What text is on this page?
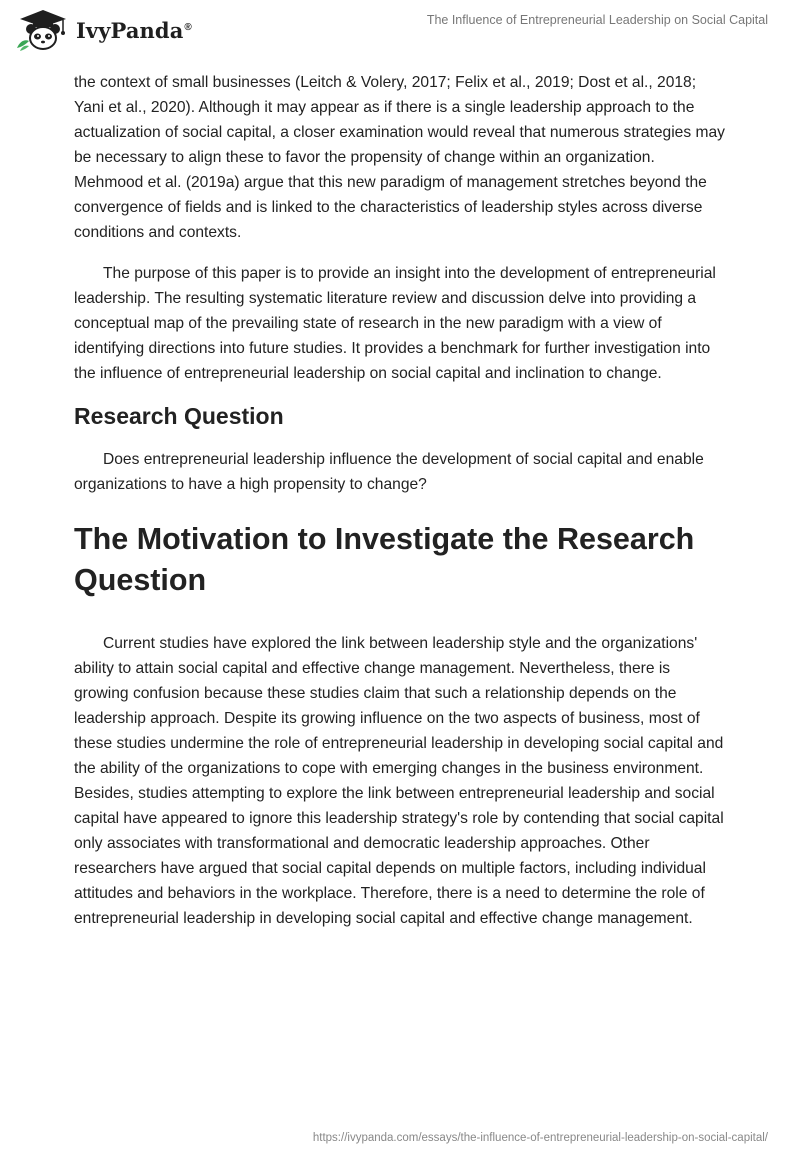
IvyPanda®	The Influence of Entrepreneurial Leadership on Social Capital

the context of small businesses (Leitch & Volery, 2017; Felix et al., 2019; Dost et al., 2018; Yani et al., 2020). Although it may appear as if there is a single leadership approach to the actualization of social capital, a closer examination would reveal that numerous strategies may be necessary to align these to favor the propensity of change within an organization. Mehmood et al. (2019a) argue that this new paradigm of management stretches beyond the convergence of fields and is linked to the characteristics of leadership styles across diverse conditions and contexts.

The purpose of this paper is to provide an insight into the development of entrepreneurial leadership. The resulting systematic literature review and discussion delve into providing a conceptual map of the prevailing state of research in the new paradigm with a view of identifying directions into future studies. It provides a benchmark for further investigation into the influence of entrepreneurial leadership on social capital and inclination to change.

Research Question

Does entrepreneurial leadership influence the development of social capital and enable organizations to have a high propensity to change?

The Motivation to Investigate the Research Question

Current studies have explored the link between leadership style and the organizations' ability to attain social capital and effective change management. Nevertheless, there is growing confusion because these studies claim that such a relationship depends on the leadership approach. Despite its growing influence on the two aspects of business, most of these studies undermine the role of entrepreneurial leadership in developing social capital and the ability of the organizations to cope with emerging changes in the business environment. Besides, studies attempting to explore the link between entrepreneurial leadership and social capital have appeared to ignore this leadership strategy's role by contending that social capital only associates with transformational and democratic leadership approaches. Other researchers have argued that social capital depends on multiple factors, including individual attitudes and behaviors in the workplace. Therefore, there is a need to determine the role of entrepreneurial leadership in developing social capital and effective change management.

https://ivypanda.com/essays/the-influence-of-entrepreneurial-leadership-on-social-capital/
